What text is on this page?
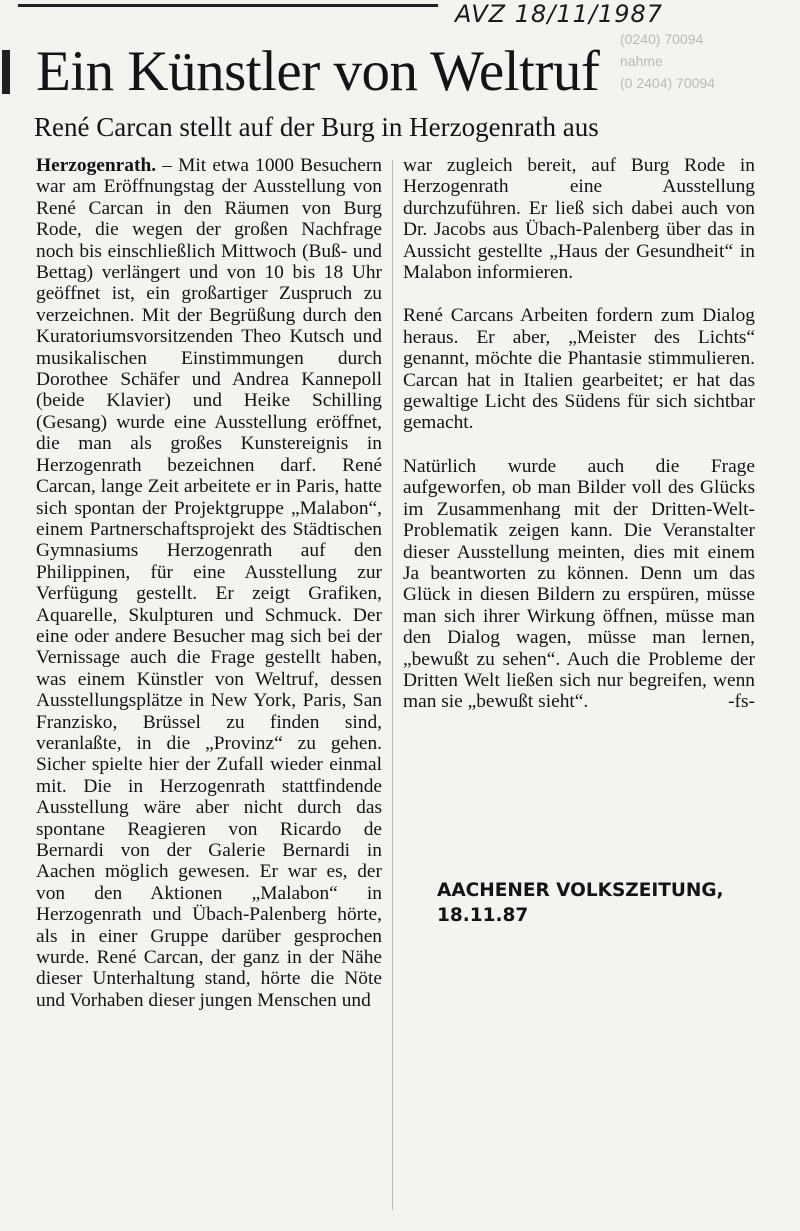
AVZ 18/11/1987
(0240) 70094
nahme
(0 2404) 70094
Ein Künstler von Weltruf
René Carcan stellt auf der Burg in Herzogenrath aus

Herzogenrath. – Mit etwa 1000 Besuchern war am Eröffnungstag der Ausstellung von René Carcan in den Räumen von Burg Rode, die wegen der großen Nachfrage noch bis einschließlich Mittwoch (Buß- und Bettag) verlängert und von 10 bis 18 Uhr geöffnet ist, ein großartiger Zuspruch zu verzeichnen. Mit der Begrüßung durch den Kuratoriumsvorsitzenden Theo Kutsch und musikalischen Einstimmungen durch Dorothee Schäfer und Andrea Kannepoll (beide Klavier) und Heike Schilling (Gesang) wurde eine Ausstellung eröffnet, die man als großes Kunstereignis in Herzogenrath bezeichnen darf. René Carcan, lange Zeit arbeitete er in Paris, hatte sich spontan der Projektgruppe „Malabon“, einem Partnerschaftsprojekt des Städtischen Gymnasiums Herzogenrath auf den Philippinen, für eine Ausstellung zur Verfügung gestellt. Er zeigt Grafiken, Aquarelle, Skulpturen und Schmuck. Der eine oder andere Besucher mag sich bei der Vernissage auch die Frage gestellt haben, was einem Künstler von Weltruf, dessen Ausstellungsplätze in New York, Paris, San Franzisko, Brüssel zu finden sind, veranlaßte, in die „Provinz“ zu gehen. Sicher spielte hier der Zufall wieder einmal mit. Die in Herzogenrath stattfindende Ausstellung wäre aber nicht durch das spontane Reagieren von Ricardo de Bernardi von der Galerie Bernardi in Aachen möglich gewesen. Er war es, der von den Aktionen „Malabon“ in Herzogenrath und Übach-Palenberg hörte, als in einer Gruppe darüber gesprochen wurde. René Carcan, der ganz in der Nähe dieser Unterhaltung stand, hörte die Nöte und Vorhaben dieser jungen Menschen und

war zugleich bereit, auf Burg Rode in Herzogenrath eine Ausstellung durchzuführen. Er ließ sich dabei auch von Dr. Jacobs aus Übach-Palenberg über das in Aussicht gestellte „Haus der Gesundheit“ in Malabon informieren.

René Carcans Arbeiten fordern zum Dialog heraus. Er aber, „Meister des Lichts“ genannt, möchte die Phantasie stimmulieren. Carcan hat in Italien gearbeitet; er hat das gewaltige Licht des Südens für sich sichtbar gemacht.

Natürlich wurde auch die Frage aufgeworfen, ob man Bilder voll des Glücks im Zusammenhang mit der Dritten-Welt-Problematik zeigen kann. Die Veranstalter dieser Ausstellung meinten, dies mit einem Ja beantworten zu können. Denn um das Glück in diesen Bildern zu erspüren, müsse man sich ihrer Wirkung öffnen, müsse man den Dialog wagen, müsse man lernen, „bewußt zu sehen“. Auch die Probleme der Dritten Welt ließen sich nur begreifen, wenn man sie „bewußt sieht“.	-fs-

AACHENER VOLKSZEITUNG,
18.11.87
